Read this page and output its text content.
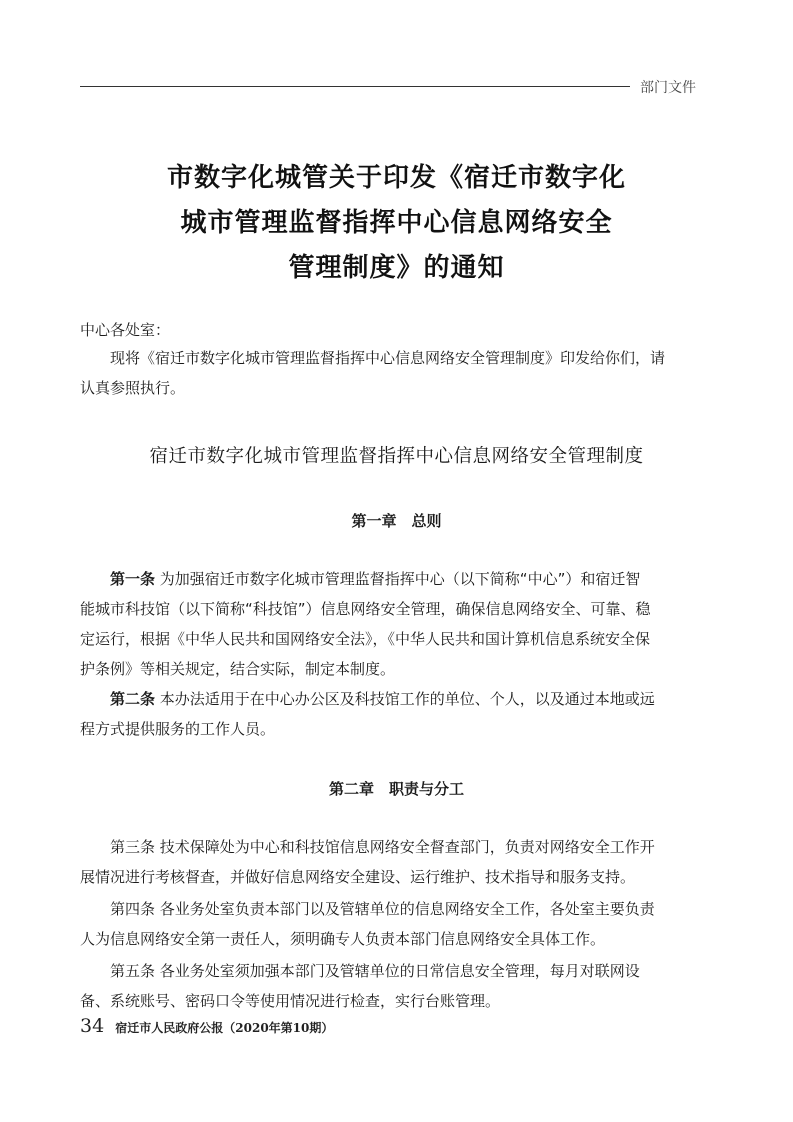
部门文件
市数字化城管关于印发《宿迁市数字化
城市管理监督指挥中心信息网络安全
管理制度》的通知
中心各处室：
现将《宿迁市数字化城市管理监督指挥中心信息网络安全管理制度》印发给你们，请
认真参照执行。
宿迁市数字化城市管理监督指挥中心信息网络安全管理制度
第一章　总则
第一条 为加强宿迁市数字化城市管理监督指挥中心（以下简称“中心”）和宿迁智
能城市科技馆（以下简称“科技馆”）信息网络安全管理，确保信息网络安全、可靠、稳
定运行，根据《中华人民共和国网络安全法》，《中华人民共和国计算机信息系统安全保
护条例》等相关规定，结合实际，制定本制度。
第二条 本办法适用于在中心办公区及科技馆工作的单位、个人，以及通过本地或远
程方式提供服务的工作人员。
第二章　职责与分工
第三条 技术保障处为中心和科技馆信息网络安全督查部门，负责对网络安全工作开
展情况进行考核督查，并做好信息网络安全建设、运行维护、技术指导和服务支持。
第四条 各业务处室负责本部门以及管辖单位的信息网络安全工作，各处室主要负责
人为信息网络安全第一责任人，须明确专人负责本部门信息网络安全具体工作。
第五条 各业务处室须加强本部门及管辖单位的日常信息安全管理，每月对联网设
备、系统账号、密码口令等使用情况进行检查，实行台账管理。
34 宿迁市人民政府公报（2020年第10期）
